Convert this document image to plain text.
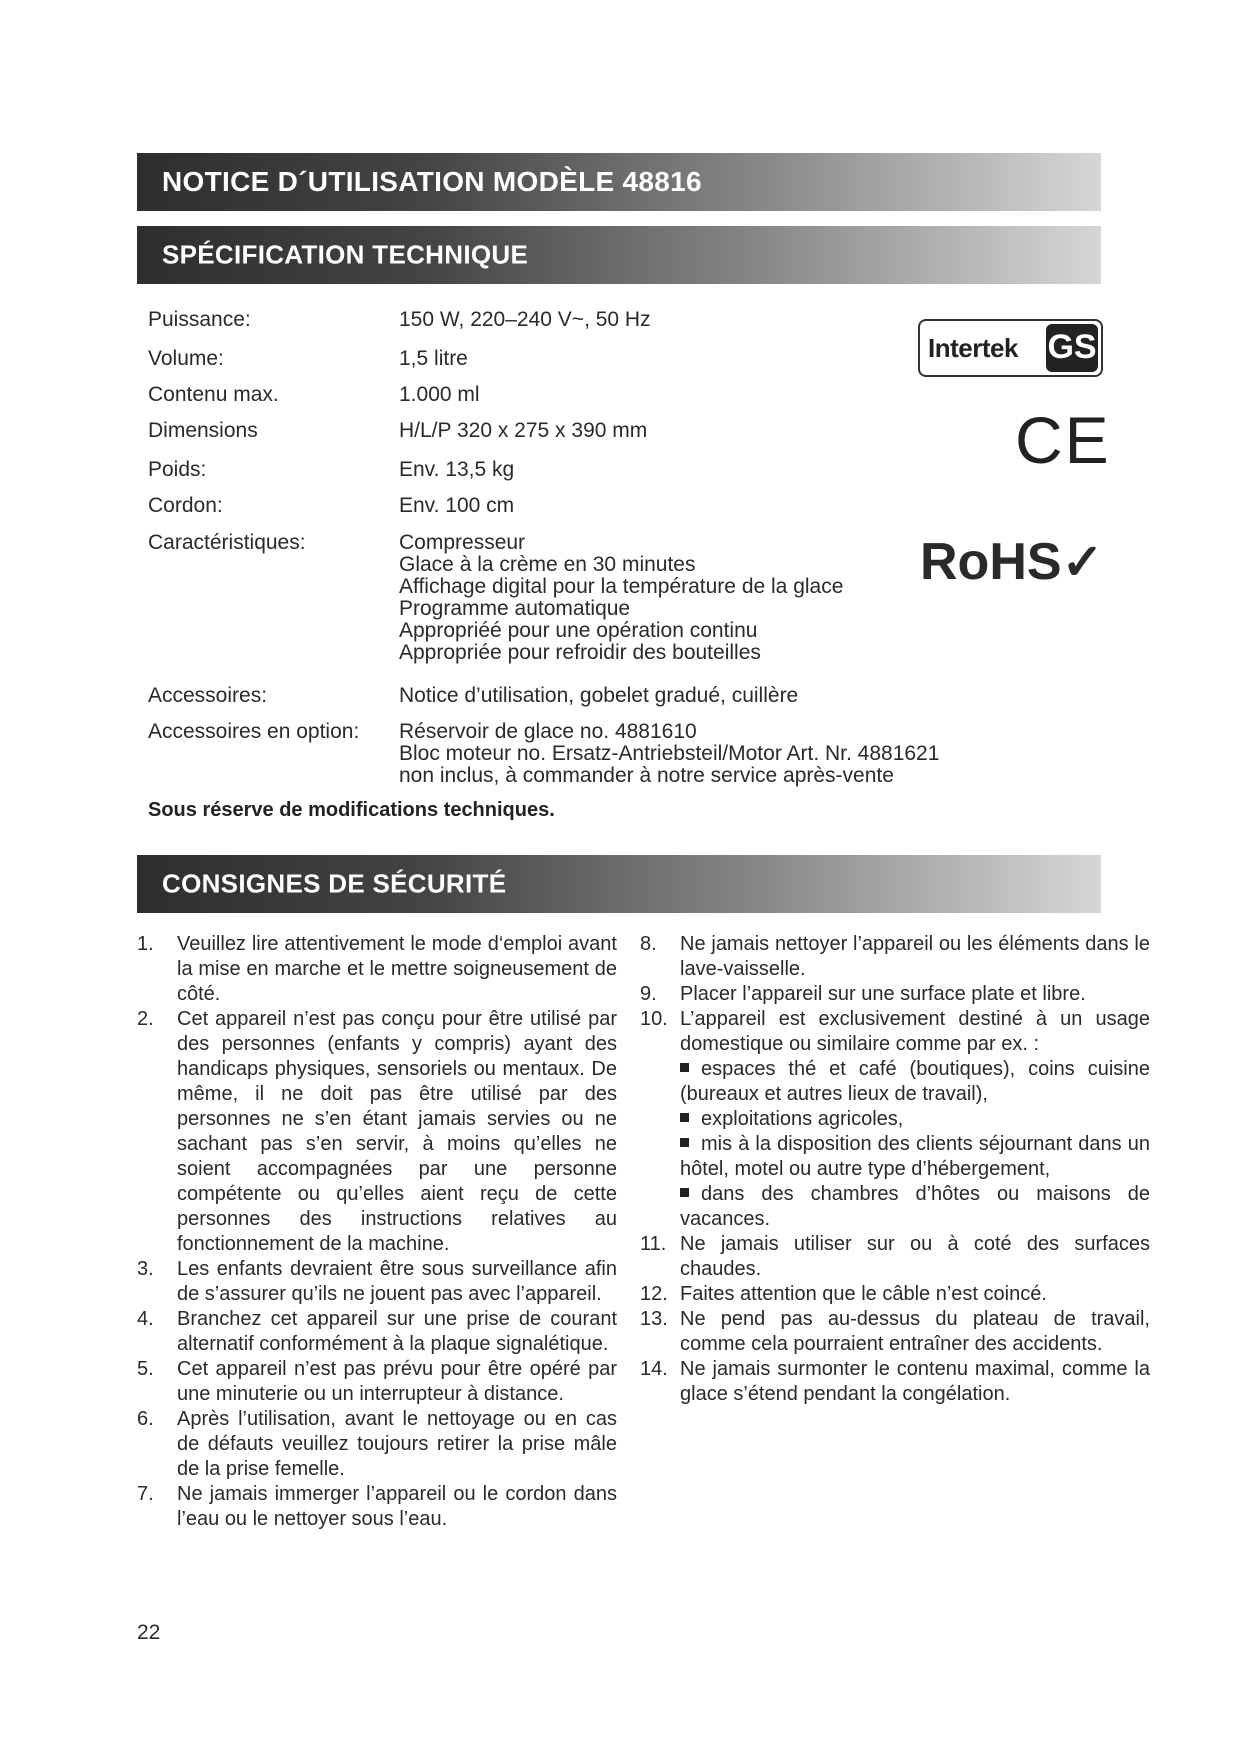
NOTICE D´UTILISATION MODÈLE 48816
SPÉCIFICATION TECHNIQUE
Puissance:	150 W, 220–240 V~, 50 Hz
Volume:	1,5 litre
Contenu max.	1.000 ml
Dimensions	H/L/P 320 x 275 x 390 mm
Poids:	Env. 13,5 kg
Cordon:	Env. 100 cm
Caractéristiques:	Compresseur
Glace à la crème en 30 minutes
Affichage digital pour la température de la glace
Programme automatique
Appropriéé pour une opération continu
Appropriée pour refroidir des bouteilles
Accessoires:	Notice d’utilisation, gobelet gradué, cuillère
Accessoires en option: Réservoir de glace no. 4881610
Bloc moteur no. Ersatz-Antriebsteil/Motor Art. Nr. 4881621
non inclus, à commander à notre service après-vente
Sous réserve de modifications techniques.
Intertek GS
CE
RoHS✓
CONSIGNES DE SÉCURITÉ
1. Veuillez lire attentivement le mode d‘emploi avant la mise en marche et le mettre soigneusement de côté.
2. Cet appareil n’est pas conçu pour être utilisé par des personnes (enfants y compris) ayant des handicaps physiques, sensoriels ou mentaux. De même, il ne doit pas être utilisé par des personnes ne s’en étant jamais servies ou ne sachant pas s’en servir, à moins qu’elles ne soient accompagnées par une personne compétente ou qu’elles aient reçu de cette personnes des instructions relatives au fonctionnement de la machine.
3. Les enfants devraient être sous surveillance afin de s’assurer qu’ils ne jouent pas avec l’appareil.
4. Branchez cet appareil sur une prise de courant alternatif conformément à la plaque signalétique.
5. Cet appareil n’est pas prévu pour être opéré par une minuterie ou un interrupteur à distance.
6. Après l’utilisation, avant le nettoyage ou en cas de défauts veuillez toujours retirer la prise mâle de la prise femelle.
7. Ne jamais immerger l’appareil ou le cordon dans l’eau ou le nettoyer sous l’eau.
8. Ne jamais nettoyer l’appareil ou les éléments dans le lave-vaisselle.
9. Placer l’appareil sur une surface plate et libre.
10. L’appareil est exclusivement destiné à un usage domestique ou similaire comme par ex. :
espaces thé et café (boutiques), coins cuisine (bureaux et autres lieux de travail),
exploitations agricoles,
mis à la disposition des clients séjournant dans un hôtel, motel ou autre type d’hébergement,
dans des chambres d’hôtes ou maisons de vacances.
11. Ne jamais utiliser sur ou à coté des surfaces chaudes.
12. Faites attention que le câble n’est coincé.
13. Ne pend pas au-dessus du plateau de travail, comme cela pourraient entraîner des accidents.
14. Ne jamais surmonter le contenu maximal, comme la glace s’étend pendant la congélation.
22
